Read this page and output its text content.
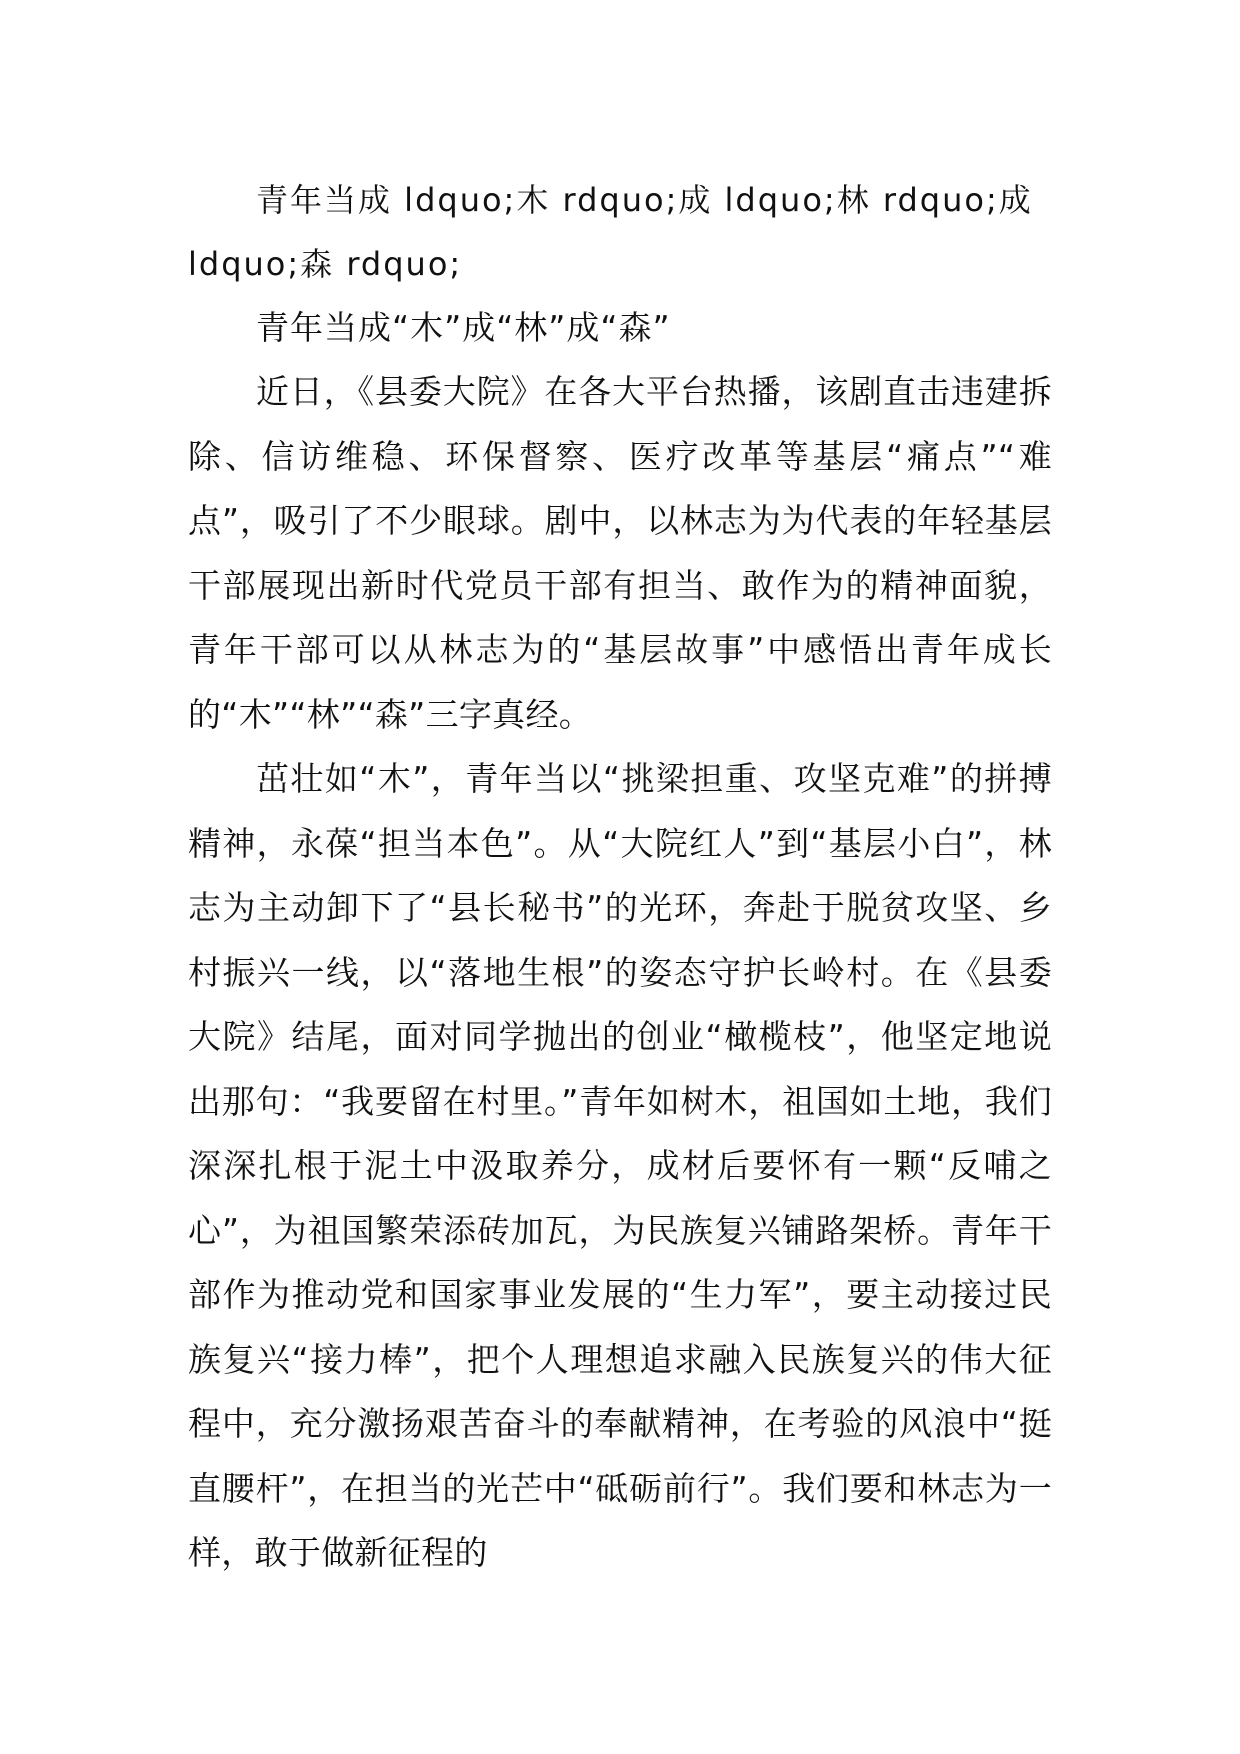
青年当成 ldquo;木 rdquo;成 ldquo;林 rdquo;成 ldquo;森 rdquo;

青年当成“木”成“林”成“森”

近日，《县委大院》在各大平台热播，该剧直击违建拆除、信访维稳、环保督察、医疗改革等基层“痛点”“难点”，吸引了不少眼球。剧中，以林志为为代表的年轻基层干部展现出新时代党员干部有担当、敢作为的精神面貌，青年干部可以从林志为的“基层故事”中感悟出青年成长的“木”“林”“森”三字真经。

茁壮如“木”，青年当以“挑梁担重、攻坚克难”的拼搏精神，永葆“担当本色”。从“大院红人”到“基层小白”，林志为主动卸下了“县长秘书”的光环，奔赴于脱贫攻坚、乡村振兴一线，以“落地生根”的姿态守护长岭村。在《县委大院》结尾，面对同学抛出的创业“橄榄枝”，他坚定地说出那句：“我要留在村里。”青年如树木，祖国如土地，我们深深扎根于泥土中汲取养分，成材后要怀有一颗“反哺之心”，为祖国繁荣添砖加瓦，为民族复兴铺路架桥。青年干部作为推动党和国家事业发展的“生力军”，要主动接过民族复兴“接力棒”，把个人理想追求融入民族复兴的伟大征程中，充分激扬艰苦奋斗的奉献精神，在考验的风浪中“挺直腰杆”，在担当的光芒中“砥砺前行”。我们要和林志为一样，敢于做新征程的
